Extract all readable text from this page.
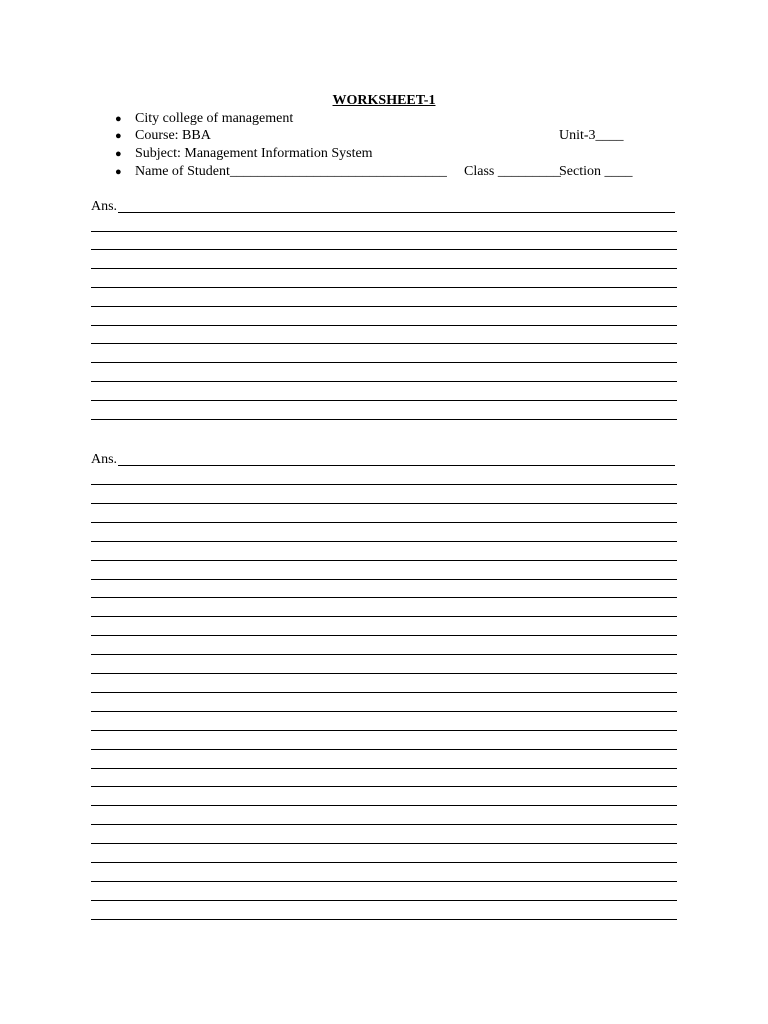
WORKSHEET-1
● City college of management
● Course: BBA	Unit-3____
● Subject: Management Information System
● Name of Student_______________________________ Class _________
Section ____
Ans.
Ans.
